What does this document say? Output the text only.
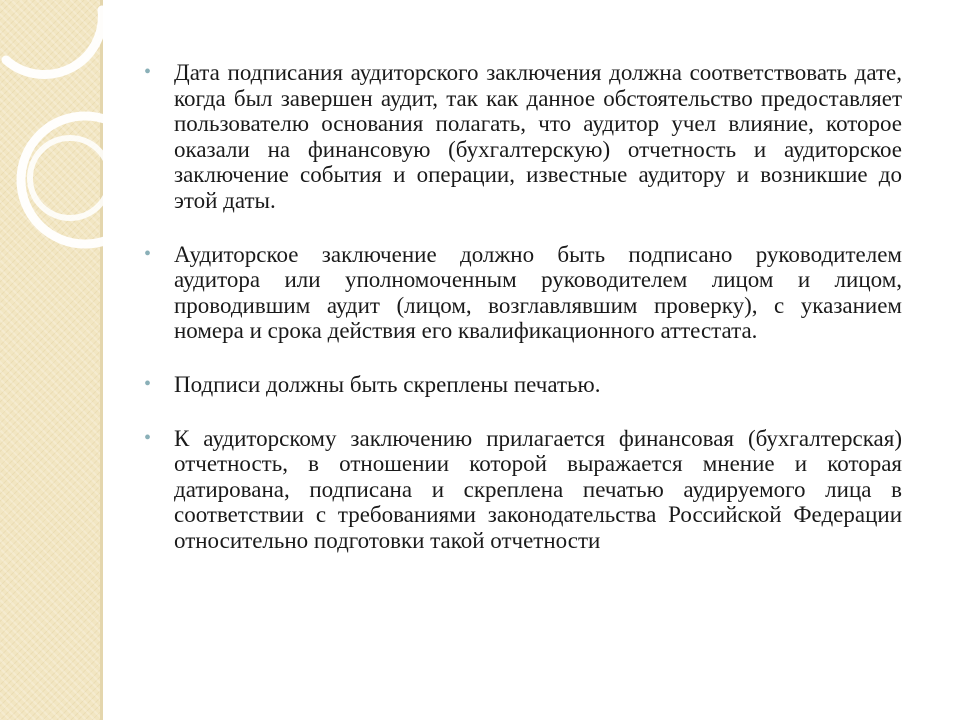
• Дата подписания аудиторского заключения должна соответствовать дате, когда был завершен аудит, так как данное обстоятельство предоставляет пользователю основания полагать, что аудитор учел влияние, которое оказали на финансовую (бухгалтерскую) отчетность и аудиторское заключение события и операции, известные аудитору и возникшие до этой даты.
• Аудиторское заключение должно быть подписано руководителем аудитора или уполномоченным руководителем лицом и лицом, проводившим аудит (лицом, возглавлявшим проверку), с указанием номера и срока действия его квалификационного аттестата.
• Подписи должны быть скреплены печатью.
• К аудиторскому заключению прилагается финансовая (бухгалтерская) отчетность, в отношении которой выражается мнение и которая датирована, подписана и скреплена печатью аудируемого лица в соответствии с требованиями законодательства Российской Федерации относительно подготовки такой отчетности
